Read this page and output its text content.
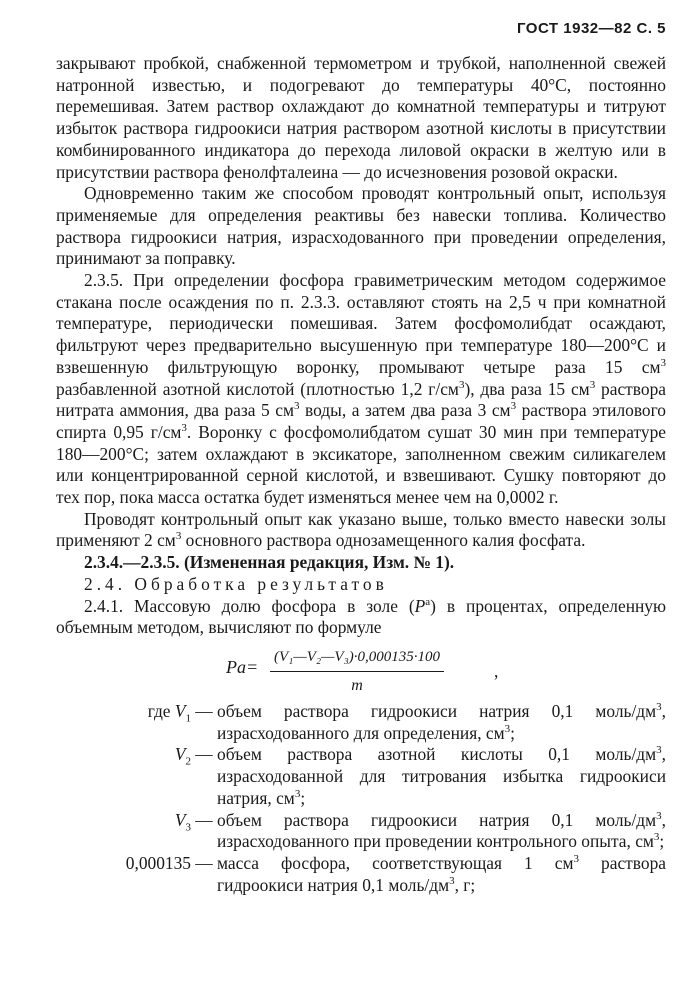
ГОСТ 1932—82 С. 5

закрывают пробкой, снабженной термометром и трубкой, наполненной свежей натронной известью, и подогревают до температуры 40°С, постоянно перемешивая. Затем раствор охлаждают до комнатной температуры и титруют избыток раствора гидроокиси натрия раствором азотной кислоты в присутствии комбинированного индикатора до перехода лиловой окраски в желтую или в присутствии раствора фенолфталеина — до исчезновения розовой окраски.

Одновременно таким же способом проводят контрольный опыт, используя применяемые для определения реактивы без навески топлива. Количество раствора гидроокиси натрия, израсходованного при проведении определения, принимают за поправку.

2.3.5. При определении фосфора гравиметрическим методом содержимое стакана после осаждения по п. 2.3.3. оставляют стоять на 2,5 ч при комнатной температуре, периодически помешивая. Затем фосфомолибдат осаждают, фильтруют через предварительно высушенную при температуре 180—200°С и взвешенную фильтрующую воронку, промывают четыре раза 15 $см^3$ разбавленной азотной кислотой (плотностью 1,2 $г/см^3$), два раза 15 $см^3$ раствора нитрата аммония, два раза 5 $см^3$ воды, а затем два раза 3 $см^3$ раствора этилового спирта 0,95 $г/см^3$. Воронку с фосфомолибдатом сушат 30 мин при температуре 180—200°С; затем охлаждают в эксикаторе, заполненном свежим силикагелем или концентрированной серной кислотой, и взвешивают. Сушку повторяют до тех пор, пока масса остатка будет изменяться менее чем на 0,0002 г.

Проводят контрольный опыт как указано выше, только вместо навески золы применяют 2 $см^3$ основного раствора однозамещенного калия фосфата.

2.3.4.—2.3.5. (Измененная редакция, Изм. № 1).

2.4. Обработка результатов

2.4.1. Массовую долю фосфора в золе $(P^a)$ в процентах, определенную объемным методом, вычисляют по формуле

$Pa= \frac{\text{(V₁—V₂—V₃)·0,000135·100}}{m}$	,
где $V_1$ — объем раствора гидроокиси натрия 0,1 моль/$дм^3$, израсходованного для определения, $см^3$;
$V_2$ — объем раствора азотной кислоты 0,1 моль/$дм^3$, израсходованной для титрования избытка гидроокиси натрия, $см^3$;
$V_3$ — объем раствора гидроокиси натрия 0,1 моль/$дм^3$, израсходованного при проведении контрольного опыта, $см^3$;
0,000135 — масса фосфора, соответствующая 1 $см^3$ раствора гидроокиси натрия 0,1 моль/$дм^3$, г;
